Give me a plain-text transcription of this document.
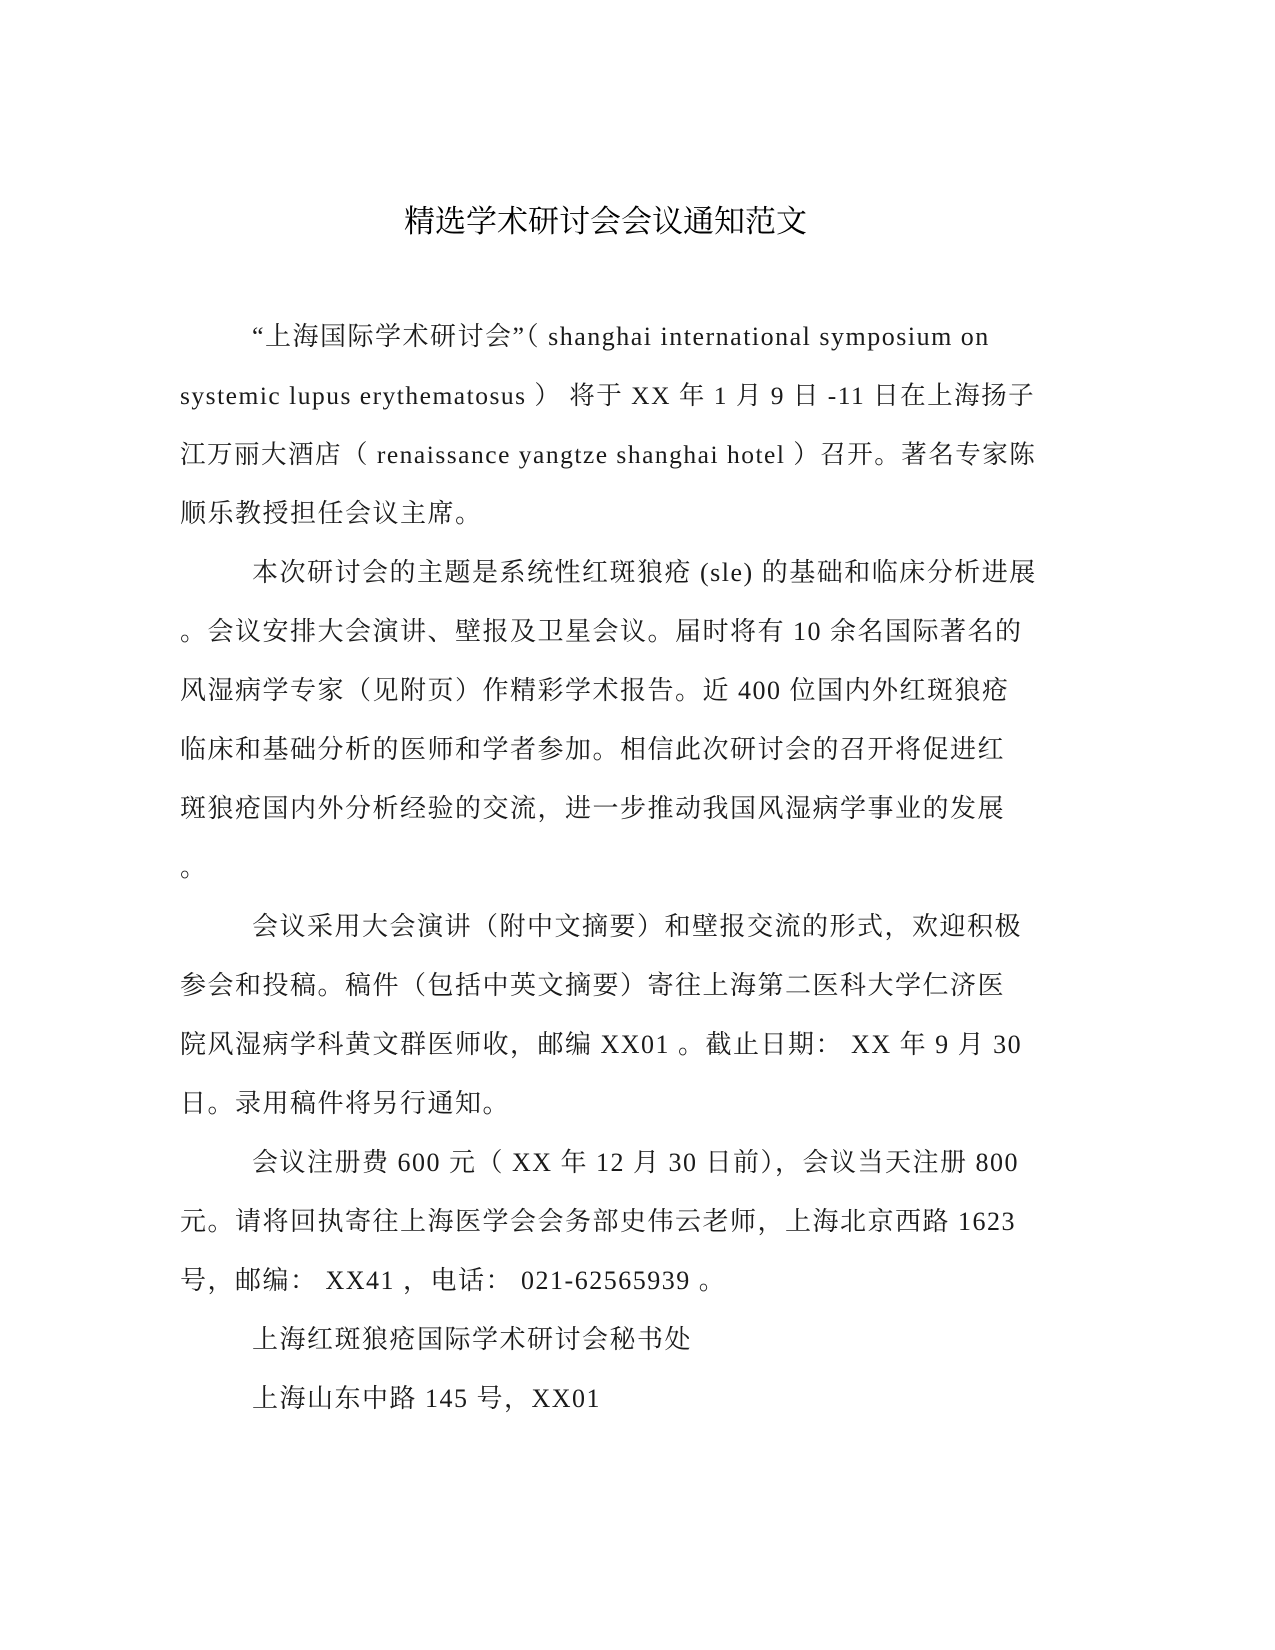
精选学术研讨会会议通知范文
“上海国际学术研讨会”（ shanghai international symposium on
systemic lupus erythematosus ） 将于 XX 年 1 月 9 日 -11 日在上海扬子
江万丽大酒店（ renaissance yangtze shanghai hotel ）召开。著名专家陈
顺乐教授担任会议主席。
本次研讨会的主题是系统性红斑狼疮 (sle) 的基础和临床分析进展
。会议安排大会演讲、壁报及卫星会议。届时将有 10 余名国际著名的
风湿病学专家（见附页）作精彩学术报告。近 400 位国内外红斑狼疮
临床和基础分析的医师和学者参加。相信此次研讨会的召开将促进红
斑狼疮国内外分析经验的交流，进一步推动我国风湿病学事业的发展
。
会议采用大会演讲（附中文摘要）和壁报交流的形式，欢迎积极
参会和投稿。稿件（包括中英文摘要）寄往上海第二医科大学仁济医
院风湿病学科黄文群医师收，邮编 XX01 。截止日期： XX 年 9 月 30
日。录用稿件将另行通知。
会议注册费 600 元（ XX 年 12 月 30 日前），会议当天注册 800
元。请将回执寄往上海医学会会务部史伟云老师，上海北京西路 1623
号，邮编： XX41 ，电话： 021-62565939 。
上海红斑狼疮国际学术研讨会秘书处
上海山东中路 145 号，XX01
